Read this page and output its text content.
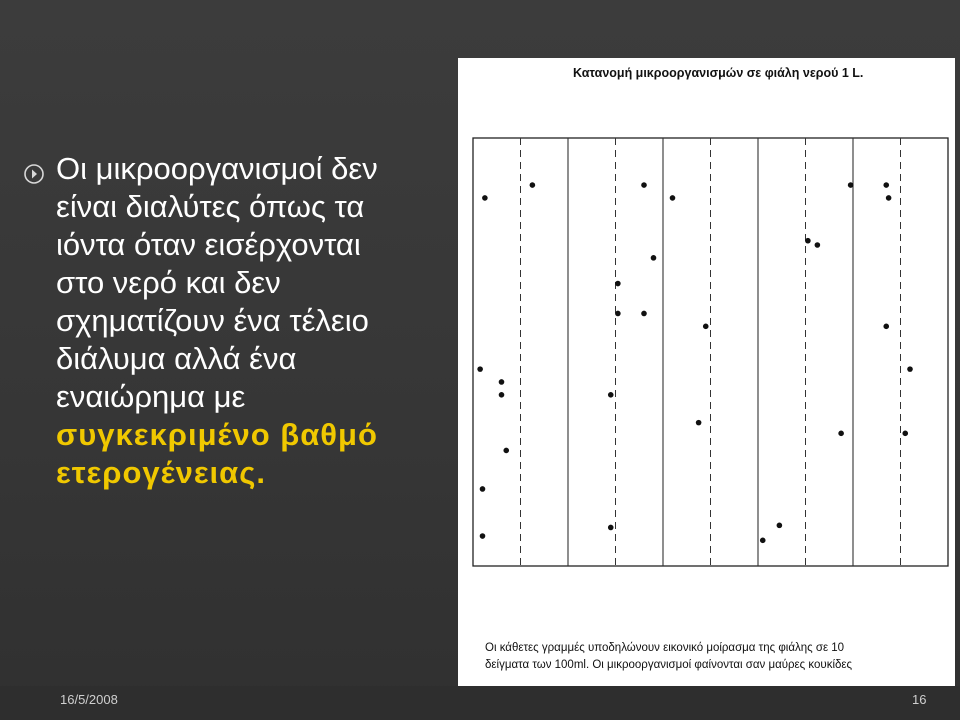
Οι μικροοργανισμοί δεν
είναι διαλύτες όπως τα
ιόντα όταν εισέρχονται
στο νερό και δεν
σχηματίζουν ένα τέλειο
διάλυμα αλλά ένα
εναιώρημα με
συγκεκριμένο βαθμό
ετερογένειας.
Κατανομή μικροοργανισμών σε φιάλη νερού 1 L.
Οι κάθετες γραμμές υποδηλώνουν εικονικό μοίρασμα της φιάλης σε 10
δείγματα των 100ml. Οι μικροοργανισμοί φαίνονται σαν μαύρες κουκίδες
16/5/2008	16
